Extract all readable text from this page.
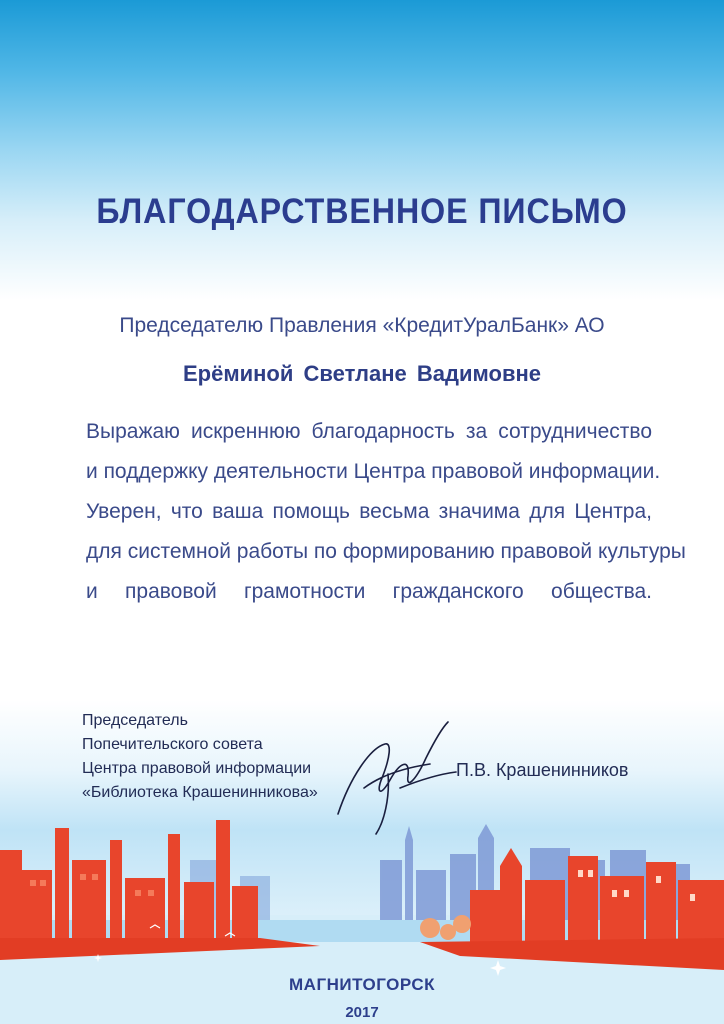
БЛАГОДАРСТВЕННОЕ ПИСЬМО
Председателю Правления «КредитУралБанк» АО
Ерёминой Светлане Вадимовне
Выражаю искреннюю благодарность за сотрудничество
и поддержку деятельности Центра правовой информации.
Уверен, что ваша помощь весьма значима для Центра,
для системной работы по формированию правовой культуры
и правовой грамотности гражданского общества.
Председатель
Попечительского совета
Центра правовой информации
«Библиотека Крашенинникова»
П.В. Крашенинников
МАГНИТОГОРСК
2017
